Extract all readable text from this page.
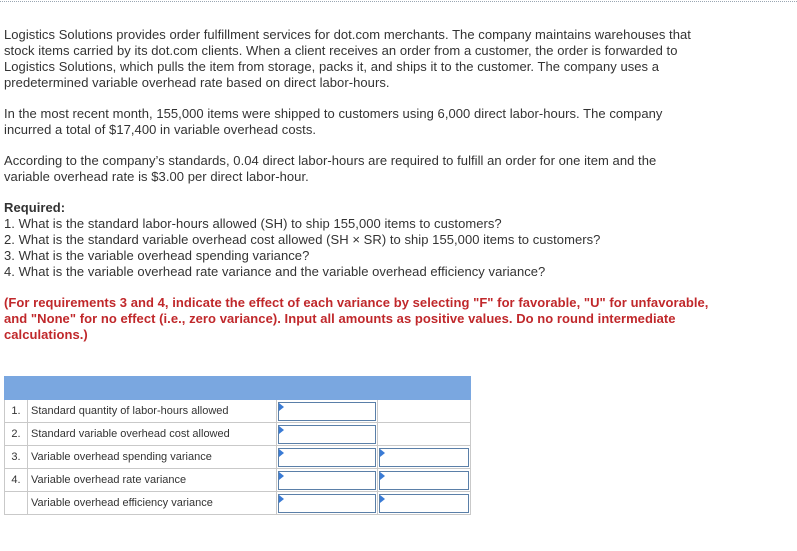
Logistics Solutions provides order fulfillment services for dot.com merchants. The company maintains warehouses that

stock items carried by its dot.com clients. When a client receives an order from a customer, the order is forwarded to

Logistics Solutions, which pulls the item from storage, packs it, and ships it to the customer. The company uses a

predetermined variable overhead rate based on direct labor-hours.

In the most recent month, 155,000 items were shipped to customers using 6,000 direct labor-hours. The company

incurred a total of $17,400 in variable overhead costs.

According to the company’s standards, 0.04 direct labor-hours are required to fulfill an order for one item and the

variable overhead rate is $3.00 per direct labor-hour.

Required:

1. What is the standard labor-hours allowed (SH) to ship 155,000 items to customers?

2. What is the standard variable overhead cost allowed (SH × SR) to ship 155,000 items to customers?

3. What is the variable overhead spending variance?

4. What is the variable overhead rate variance and the variable overhead efficiency variance?

(For requirements 3 and 4, indicate the effect of each variance by selecting "F" for favorable, "U" for unfavorable,

and "None" for no effect (i.e., zero variance). Input all amounts as positive values. Do no round intermediate

calculations.)

1.	Standard quantity of labor-hours allowed	

2.	Standard variable overhead cost allowed	

3.	Variable overhead spending variance	

4.	Variable overhead rate variance	

	Variable overhead efficiency variance	
